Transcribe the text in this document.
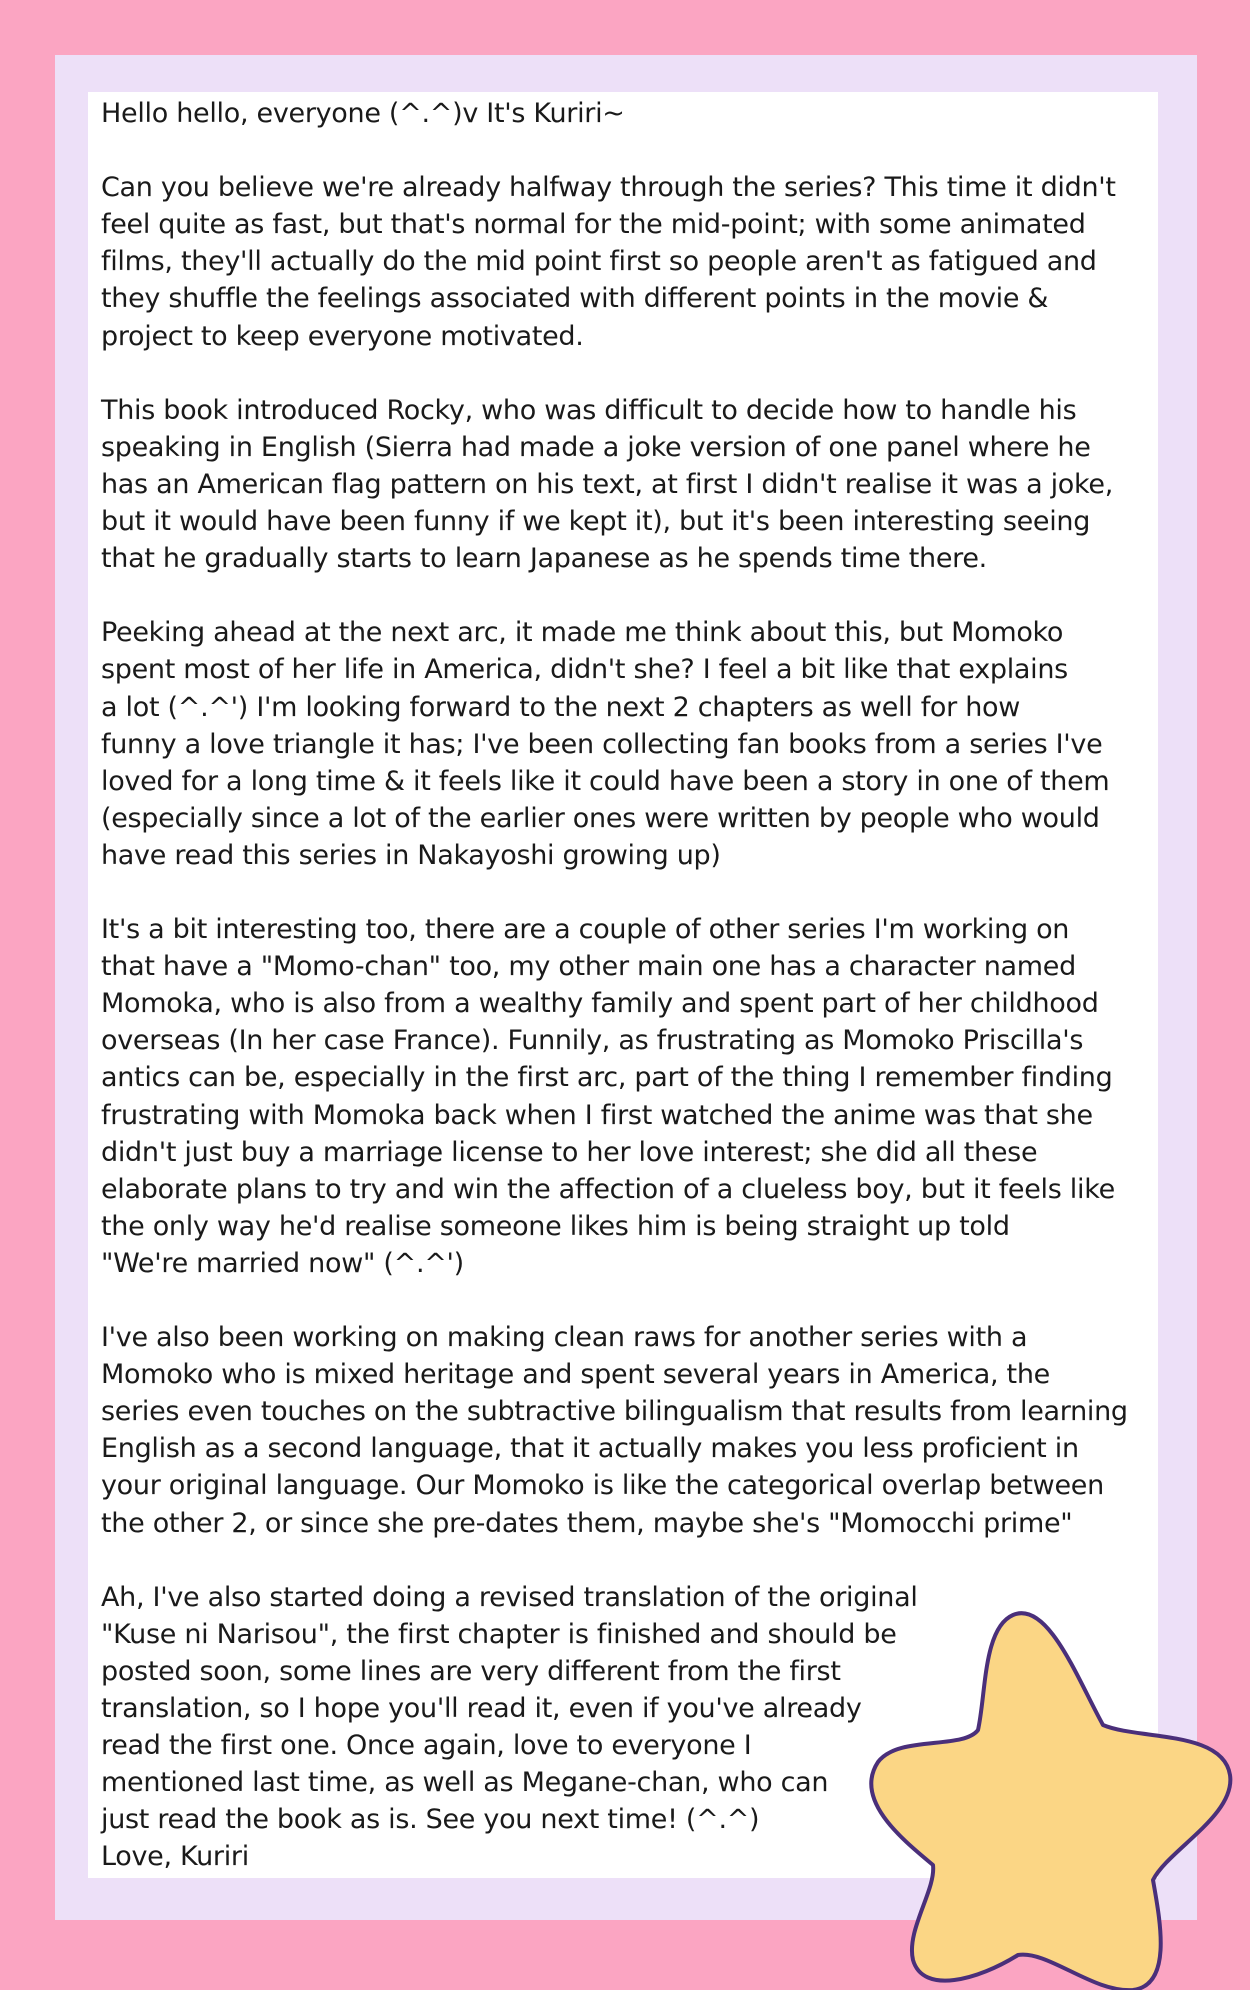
Hello hello, everyone (^.^)v It's Kuriri~

Can you believe we're already halfway through the series? This time it didn't
feel quite as fast, but that's normal for the mid-point; with some animated
films, they'll actually do the mid point first so people aren't as fatigued and
they shuffle the feelings associated with different points in the movie &
project to keep everyone motivated.

This book introduced Rocky, who was difficult to decide how to handle his
speaking in English (Sierra had made a joke version of one panel where he
has an American flag pattern on his text, at first I didn't realise it was a joke,
but it would have been funny if we kept it), but it's been interesting seeing
that he gradually starts to learn Japanese as he spends time there.

Peeking ahead at the next arc, it made me think about this, but Momoko
spent most of her life in America, didn't she? I feel a bit like that explains
a lot (^.^') I'm looking forward to the next 2 chapters as well for how
funny a love triangle it has; I've been collecting fan books from a series I've
loved for a long time & it feels like it could have been a story in one of them
(especially since a lot of the earlier ones were written by people who would
have read this series in Nakayoshi growing up)

It's a bit interesting too, there are a couple of other series I'm working on
that have a "Momo-chan" too, my other main one has a character named
Momoka, who is also from a wealthy family and spent part of her childhood
overseas (In her case France). Funnily, as frustrating as Momoko Priscilla's
antics can be, especially in the first arc, part of the thing I remember finding
frustrating with Momoka back when I first watched the anime was that she
didn't just buy a marriage license to her love interest; she did all these
elaborate plans to try and win the affection of a clueless boy, but it feels like
the only way he'd realise someone likes him is being straight up told
"We're married now" (^.^')

I've also been working on making clean raws for another series with a
Momoko who is mixed heritage and spent several years in America, the
series even touches on the subtractive bilingualism that results from learning
English as a second language, that it actually makes you less proficient in
your original language. Our Momoko is like the categorical overlap between
the other 2, or since she pre-dates them, maybe she's "Momocchi prime"

Ah, I've also started doing a revised translation of the original
"Kuse ni Narisou", the first chapter is finished and should be
posted soon, some lines are very different from the first
translation, so I hope you'll read it, even if you've already
read the first one. Once again, love to everyone I
mentioned last time, as well as Megane-chan, who can
just read the book as is. See you next time! (^.^)
Love, Kuriri
